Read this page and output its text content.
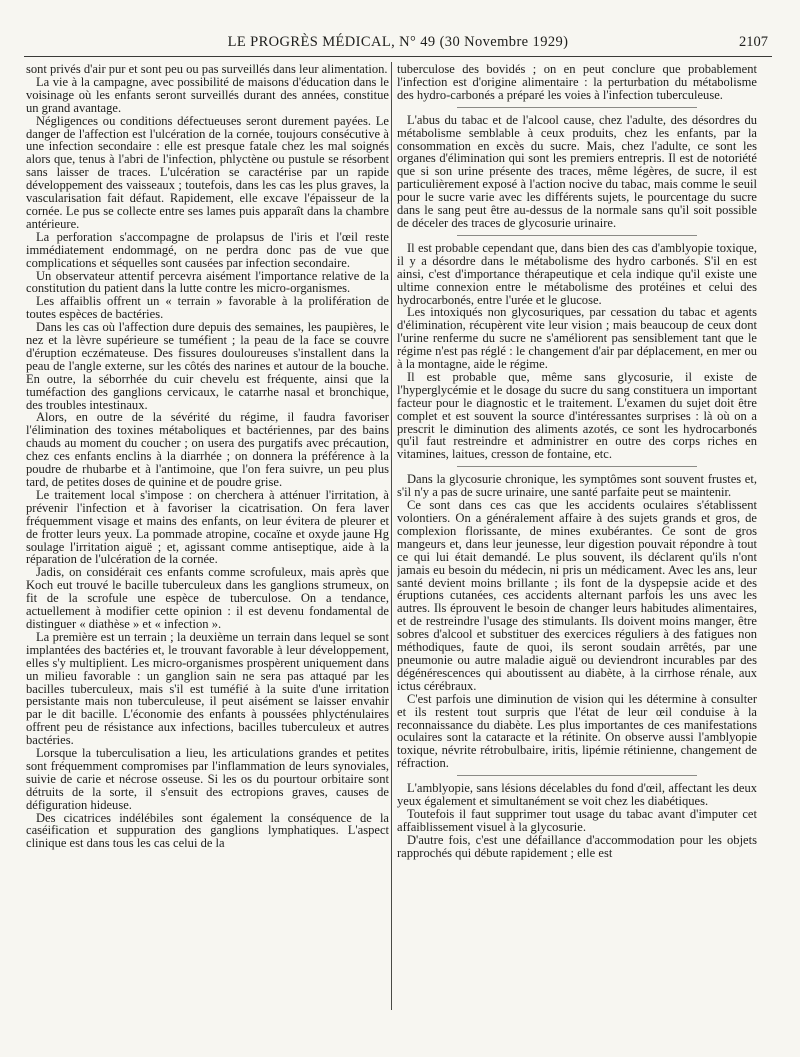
LE PROGRÈS MÉDICAL, N° 49 (30 Novembre 1929)	2107

sont privés d'air pur et sont peu ou pas surveillés dans leur alimentation.

La vie à la campagne, avec possibilité de maisons d'éducation dans le voisinage où les enfants seront surveillés durant des années, constitue un grand avantage.

Négligences ou conditions défectueuses seront durement payées. Le danger de l'affection est l'ulcération de la cornée, toujours consécutive à une infection secondaire : elle est presque fatale chez les mal soignés alors que, tenus à l'abri de l'infection, phlyctène ou pustule se résorbent sans laisser de traces. L'ulcération se caractérise par un rapide développement des vaisseaux ; toutefois, dans les cas les plus graves, la vascularisation fait défaut. Rapidement, elle excave l'épaisseur de la cornée. Le pus se collecte entre ses lames puis apparaît dans la chambre antérieure.

La perforation s'accompagne de prolapsus de l'iris et l'œil reste immédiatement endommagé, on ne perdra donc pas de vue que complications et séquelles sont causées par infection secondaire.

Un observateur attentif percevra aisément l'importance relative de la constitution du patient dans la lutte contre les micro-organismes.

Les affaiblis offrent un « terrain » favorable à la prolifération de toutes espèces de bactéries.

Dans les cas où l'affection dure depuis des semaines, les paupières, le nez et la lèvre supérieure se tuméfient ; la peau de la face se couvre d'éruption eczémateuse. Des fissures douloureuses s'installent dans la peau de l'angle externe, sur les côtés des narines et autour de la bouche. En outre, la séborrhée du cuir chevelu est fréquente, ainsi que la tuméfaction des ganglions cervicaux, le catarrhe nasal et bronchique, des troubles intestinaux.

Alors, en outre de la sévérité du régime, il faudra favoriser l'élimination des toxines métaboliques et bactériennes, par des bains chauds au moment du coucher ; on usera des purgatifs avec précaution, chez ces enfants enclins à la diarrhée ; on donnera la préférence à la poudre de rhubarbe et à l'antimoine, que l'on fera suivre, un peu plus tard, de petites doses de quinine et de poudre grise.

Le traitement local s'impose : on cherchera à atténuer l'irritation, à prévenir l'infection et à favoriser la cicatrisation. On fera laver fréquemment visage et mains des enfants, on leur évitera de pleurer et de frotter leurs yeux. La pommade atropine, cocaïne et oxyde jaune Hg soulage l'irritation aiguë ; et, agissant comme antiseptique, aide à la réparation de l'ulcération de la cornée.

Jadis, on considérait ces enfants comme scrofuleux, mais après que Koch eut trouvé le bacille tuberculeux dans les ganglions strumeux, on fit de la scrofule une espèce de tuberculose. On a tendance, actuellement à modifier cette opinion : il est devenu fondamental de distinguer « diathèse » et « infection ».

La première est un terrain ; la deuxième un terrain dans lequel se sont implantées des bactéries et, le trouvant favorable à leur développement, elles s'y multiplient. Les micro-organismes prospèrent uniquement dans un milieu favorable : un ganglion sain ne sera pas attaqué par les bacilles tuberculeux, mais s'il est tuméfié à la suite d'une irritation persistante mais non tuberculeuse, il peut aisément se laisser envahir par le dit bacille. L'économie des enfants à poussées phlycténulaires offrent peu de résistance aux infections, bacilles tuberculeux et autres bactéries.

Lorsque la tuberculisation a lieu, les articulations grandes et petites sont fréquemment compromises par l'inflammation de leurs synoviales, suivie de carie et nécrose osseuse. Si les os du pourtour orbitaire sont détruits de la sorte, il s'ensuit des ectropions graves, causes de défiguration hideuse.

Des cicatrices indélébiles sont également la conséquence de la caséification et suppuration des ganglions lymphatiques. L'aspect clinique est dans tous les cas celui de la

tuberculose des bovidés ; on en peut conclure que probablement l'infection est d'origine alimentaire : la perturbation du métabolisme des hydro-carbonés a préparé les voies à l'infection tuberculeuse.

L'abus du tabac et de l'alcool cause, chez l'adulte, des désordres du métabolisme semblable à ceux produits, chez les enfants, par la consommation en excès du sucre. Mais, chez l'adulte, ce sont les organes d'élimination qui sont les premiers entrepris. Il est de notoriété que si son urine présente des traces, même légères, de sucre, il est particulièrement exposé à l'action nocive du tabac, mais comme le seuil pour le sucre varie avec les différents sujets, le pourcentage du sucre dans le sang peut être au-dessus de la normale sans qu'il soit possible de déceler des traces de glycosurie urinaire.

Il est probable cependant que, dans bien des cas d'amblyopie toxique, il y a désordre dans le métabolisme des hydro carbonés. S'il en est ainsi, c'est d'importance thérapeutique et cela indique qu'il existe une ultime connexion entre le métabolisme des protéines et celui des hydrocarbonés, entre l'urée et le glucose.

Les intoxiqués non glycosuriques, par cessation du tabac et agents d'élimination, récupèrent vite leur vision ; mais beaucoup de ceux dont l'urine renferme du sucre ne s'améliorent pas sensiblement tant que le régime n'est pas réglé : le changement d'air par déplacement, en mer ou à la montagne, aide le régime.

Il est probable que, même sans glycosurie, il existe de l'hyperglycémie et le dosage du sucre du sang constituera un important facteur pour le diagnostic et le traitement. L'examen du sujet doit être complet et est souvent la source d'intéressantes surprises : là où on a prescrit le diminution des aliments azotés, ce sont les hydrocarbonés qu'il faut restreindre et administrer en outre des corps riches en vitamines, laitues, cresson de fontaine, etc.

Dans la glycosurie chronique, les symptômes sont souvent frustes et, s'il n'y a pas de sucre urinaire, une santé parfaite peut se maintenir.

Ce sont dans ces cas que les accidents oculaires s'établissent volontiers. On a généralement affaire à des sujets grands et gros, de complexion florissante, de mines exubérantes. Ce sont de gros mangeurs et, dans leur jeunesse, leur digestion pouvait répondre à tout ce qui lui était demandé. Le plus souvent, ils déclarent qu'ils n'ont jamais eu besoin du médecin, ni pris un médicament. Avec les ans, leur santé devient moins brillante ; ils font de la dyspepsie acide et des éruptions cutanées, ces accidents alternant parfois les uns avec les autres. Ils éprouvent le besoin de changer leurs habitudes alimentaires, et de restreindre l'usage des stimulants. Ils doivent moins manger, être sobres d'alcool et substituer des exercices réguliers à des fatigues non méthodiques, faute de quoi, ils seront soudain arrêtés, par une pneumonie ou autre maladie aiguë ou deviendront incurables par des dégénérescences qui aboutissent au diabète, à la cirrhose rénale, aux ictus cérébraux.

C'est parfois une diminution de vision qui les détermine à consulter et ils restent tout surpris que l'état de leur œil conduise à la reconnaissance du diabète. Les plus importantes de ces manifestations oculaires sont la cataracte et la rétinite. On observe aussi l'amblyopie toxique, névrite rétrobulbaire, iritis, lipémie rétinienne, changement de réfraction.

L'amblyopie, sans lésions décelables du fond d'œil, affectant les deux yeux également et simultanément se voit chez les diabétiques.

Toutefois il faut supprimer tout usage du tabac avant d'imputer cet affaiblissement visuel à la glycosurie.

D'autre fois, c'est une défaillance d'accommodation pour les objets rapprochés qui débute rapidement ; elle est
